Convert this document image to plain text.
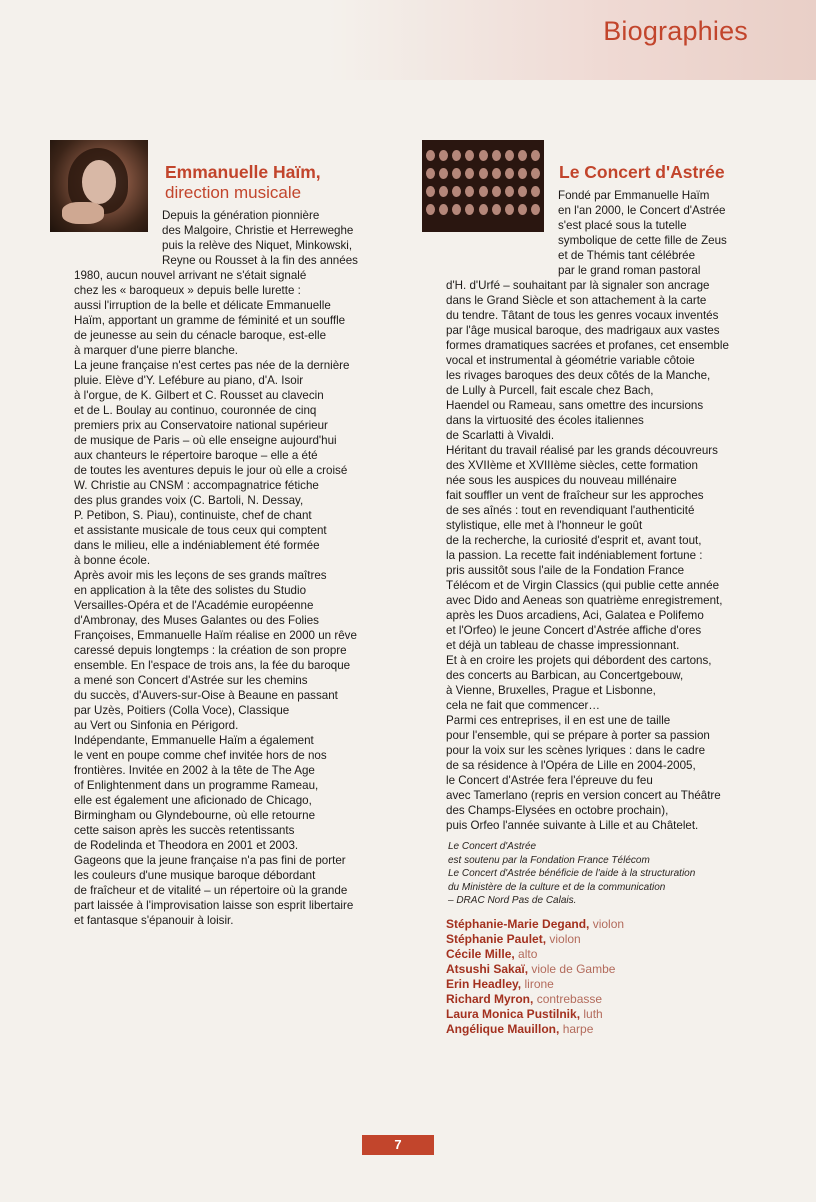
Biographies
Emmanuelle Haïm,
direction musicale
Depuis la génération pionnière
des Malgoire, Christie et Herreweghe
puis la relève des Niquet, Minkowski,
Reyne ou Rousset à la fin des années
1980, aucun nouvel arrivant ne s'était signalé
chez les « baroqueux » depuis belle lurette :
aussi l'irruption de la belle et délicate Emmanuelle
Haïm, apportant un gramme de féminité et un souffle
de jeunesse au sein du cénacle baroque, est-elle
à marquer d'une pierre blanche.
La jeune française n'est certes pas née de la dernière
pluie. Elève d'Y. Lefébure au piano, d'A. Isoir
à l'orgue, de K. Gilbert et C. Rousset au clavecin
et de L. Boulay au continuo, couronnée de cinq
premiers prix au Conservatoire national supérieur
de musique de Paris – où elle enseigne aujourd'hui
aux chanteurs le répertoire baroque – elle a été
de toutes les aventures depuis le jour où elle a croisé
W. Christie au CNSM : accompagnatrice fétiche
des plus grandes voix (C. Bartoli, N. Dessay,
P. Petibon, S. Piau), continuiste, chef de chant
et assistante musicale de tous ceux qui comptent
dans le milieu, elle a indéniablement été formée
à bonne école.
Après avoir mis les leçons de ses grands maîtres
en application à la tête des solistes du Studio
Versailles-Opéra et de l'Académie européenne
d'Ambronay, des Muses Galantes ou des Folies
Françoises, Emmanuelle Haïm réalise en 2000 un rêve
caressé depuis longtemps : la création de son propre
ensemble. En l'espace de trois ans, la fée du baroque
a mené son Concert d'Astrée sur les chemins
du succès, d'Auvers-sur-Oise à Beaune en passant
par Uzès, Poitiers (Colla Voce), Classique
au Vert ou Sinfonia en Périgord.
Indépendante, Emmanuelle Haïm a également
le vent en poupe comme chef invitée hors de nos
frontières. Invitée en 2002 à la tête de The Age
of Enlightenment dans un programme Rameau,
elle est également une aficionado de Chicago,
Birmingham ou Glyndebourne, où elle retourne
cette saison après les succès retentissants
de Rodelinda et Theodora en 2001 et 2003.
Gageons que la jeune française n'a pas fini de porter
les couleurs d'une musique baroque débordant
de fraîcheur et de vitalité – un répertoire où la grande
part laissée à l'improvisation laisse son esprit libertaire
et fantasque s'épanouir à loisir.
Le Concert d'Astrée
Fondé par Emmanuelle Haïm
en l'an 2000, le Concert d'Astrée
s'est placé sous la tutelle
symbolique de cette fille de Zeus
et de Thémis tant célébrée
par le grand roman pastoral
d'H. d'Urfé – souhaitant par là signaler son ancrage
dans le Grand Siècle et son attachement à la carte
du tendre. Tâtant de tous les genres vocaux inventés
par l'âge musical baroque, des madrigaux aux vastes
formes dramatiques sacrées et profanes, cet ensemble
vocal et instrumental à géométrie variable côtoie
les rivages baroques des deux côtés de la Manche,
de Lully à Purcell, fait escale chez Bach,
Haendel ou Rameau, sans omettre des incursions
dans la virtuosité des écoles italiennes
de Scarlatti à Vivaldi.
Héritant du travail réalisé par les grands découvreurs
des XVIIème et XVIIIème siècles, cette formation
née sous les auspices du nouveau millénaire
fait souffler un vent de fraîcheur sur les approches
de ses aînés : tout en revendiquant l'authenticité
stylistique, elle met à l'honneur le goût
de la recherche, la curiosité d'esprit et, avant tout,
la passion. La recette fait indéniablement fortune :
pris aussitôt sous l'aile de la Fondation France
Télécom et de Virgin Classics (qui publie cette année
avec Dido and Aeneas son quatrième enregistrement,
après les Duos arcadiens, Aci, Galatea e Polifemo
et l'Orfeo) le jeune Concert d'Astrée affiche d'ores
et déjà un tableau de chasse impressionnant.
Et à en croire les projets qui débordent des cartons,
des concerts au Barbican, au Concertgebouw,
à Vienne, Bruxelles, Prague et Lisbonne,
cela ne fait que commencer…
Parmi ces entreprises, il en est une de taille
pour l'ensemble, qui se prépare à porter sa passion
pour la voix sur les scènes lyriques : dans le cadre
de sa résidence à l'Opéra de Lille en 2004-2005,
le Concert d'Astrée fera l'épreuve du feu
avec Tamerlano (repris en version concert au Théâtre
des Champs-Elysées en octobre prochain),
puis Orfeo l'année suivante à Lille et au Châtelet.
Le Concert d'Astrée
est soutenu par la Fondation France Télécom
Le Concert d'Astrée bénéficie de l'aide à la structuration
du Ministère de la culture et de la communication
– DRAC Nord Pas de Calais.
Stéphanie-Marie Degand, violon
Stéphanie Paulet, violon
Cécile Mille, alto
Atsushi Sakaï, viole de Gambe
Erin Headley, lirone
Richard Myron, contrebasse
Laura Monica Pustilnik, luth
Angélique Mauillon, harpe
7
